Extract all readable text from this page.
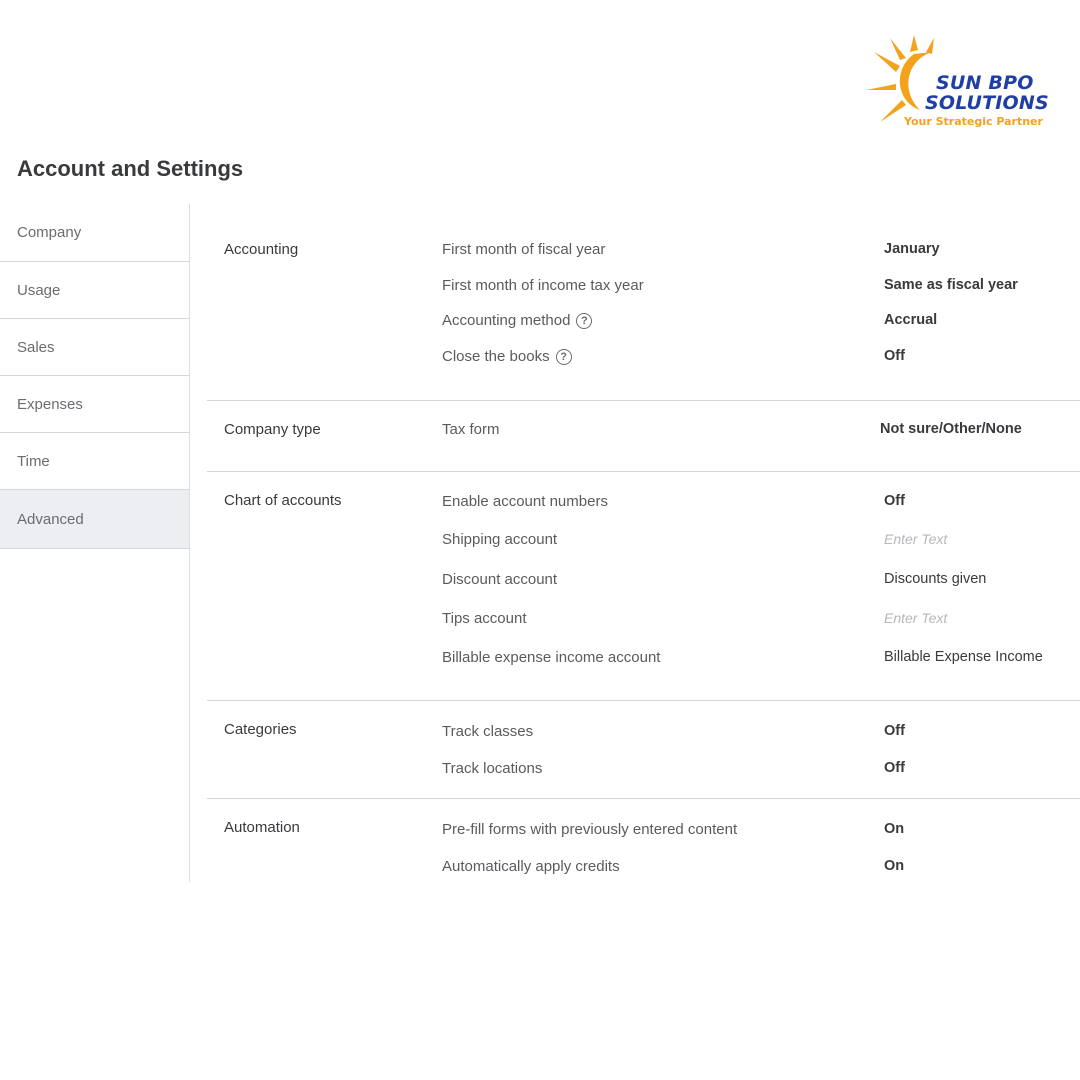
SUN BPO
SOLUTIONS
Your Strategic Partner
Account and Settings
Company
Usage
Sales
Expenses
Time
Advanced
Accounting	First month of fiscal year	January
First month of income tax year	Same as fiscal year
Accounting method ?	Accrual
Close the books ?	Off
Company type	Tax form	Not sure/Other/None
Chart of accounts	Enable account numbers	Off
Shipping account	Enter Text
Discount account	Discounts given
Tips account	Enter Text
Billable expense income account	Billable Expense Income
Categories	Track classes	Off
Track locations	Off
Automation	Pre-fill forms with previously entered content	On
Automatically apply credits	On
